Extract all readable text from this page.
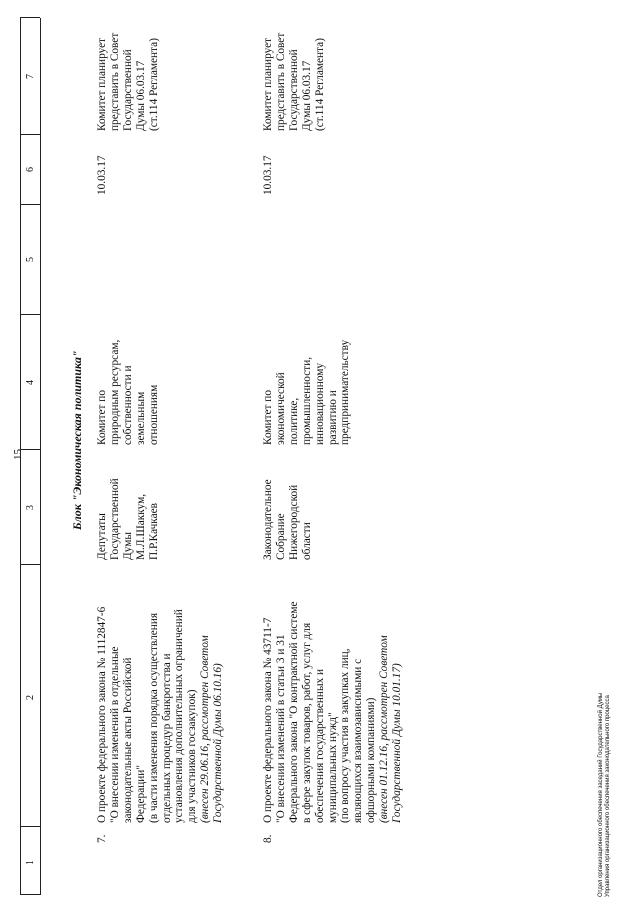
15
1
2
3
4
5
6
7
Блок "Экономическая политика"
7.
О проекте федерального закона № 1112847-6
"О внесении изменений в отдельные
законодательные акты Российской
Федерации"
(в части изменения порядка осуществления
отдельных процедур банкротства и
установления дополнительных ограничений
для участников госзакупок)
(внесен 29.06.16, рассмотрен Советом
Государственной Думы 06.10.16)
Депутаты
Государственной
Думы
М.Л.Шаккум,
П.Р.Качкаев
Комитет по
природным ресурсам,
собственности и
земельным
отношениям
10.03.17
Комитет планирует
представить в Совет
Государственной
Думы 06.03.17
(ст.114 Регламента)
8.
О проекте федерального закона № 43711-7
"О внесении изменений в статьи 3 и 31
Федерального закона "О контрактной системе
в сфере закупок товаров, работ, услуг для
обеспечения государственных и
муниципальных нужд"
(по вопросу участия в закупках лиц,
являющихся взаимозависимыми с
офшорными компаниями)
(внесен 01.12.16, рассмотрен Советом
Государственной Думы 10.01.17)
Законодательное
Собрание
Нижегородской
области
Комитет по
экономической
политике,
промышленности,
инновационному
развитию и
предпринимательству
10.03.17
Комитет планирует
представить в Совет
Государственной
Думы 06.03.17
(ст.114 Регламента)
Отдел организационного обеспечения заседаний Государственной Думы Управления организационного обеспечения законодательного процесса
